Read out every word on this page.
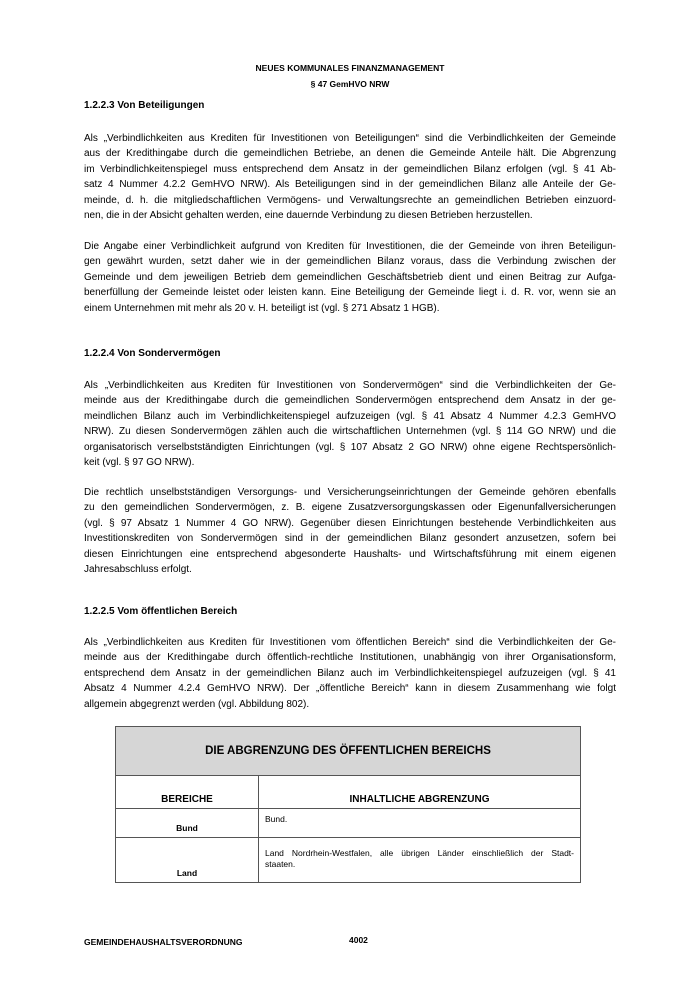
NEUES KOMMUNALES FINANZMANAGEMENT
§ 47 GemHVO NRW
1.2.2.3 Von Beteiligungen
Als „Verbindlichkeiten aus Krediten für Investitionen von Beteiligungen“ sind die Verbindlichkeiten der Gemeinde
aus der Kredithingabe durch die gemeindlichen Betriebe, an denen die Gemeinde Anteile hält. Die Abgrenzung
im Verbindlichkeitenspiegel muss entsprechend dem Ansatz in der gemeindlichen Bilanz erfolgen (vgl. § 41 Ab-
satz 4 Nummer 4.2.2 GemHVO NRW). Als Beteiligungen sind in der gemeindlichen Bilanz alle Anteile der Ge-
meinde, d. h. die mitgliedschaftlichen Vermögens- und Verwaltungsrechte an gemeindlichen Betrieben einzuord-
nen, die in der Absicht gehalten werden, eine dauernde Verbindung zu diesen Betrieben herzustellen.
Die Angabe einer Verbindlichkeit aufgrund von Krediten für Investitionen, die der Gemeinde von ihren Beteiligun-
gen gewährt wurden, setzt daher wie in der gemeindlichen Bilanz voraus, dass die Verbindung zwischen der
Gemeinde und dem jeweiligen Betrieb dem gemeindlichen Geschäftsbetrieb dient und einen Beitrag zur Aufga-
benerfüllung der Gemeinde leistet oder leisten kann. Eine Beteiligung der Gemeinde liegt i. d. R. vor, wenn sie an
einem Unternehmen mit mehr als 20 v. H. beteiligt ist (vgl. § 271 Absatz 1 HGB).
1.2.2.4 Von Sondervermögen
Als „Verbindlichkeiten aus Krediten für Investitionen von Sondervermögen“ sind die Verbindlichkeiten der Ge-
meinde aus der Kredithingabe durch die gemeindlichen Sondervermögen entsprechend dem Ansatz in der ge-
meindlichen Bilanz auch im Verbindlichkeitenspiegel aufzuzeigen (vgl. § 41 Absatz 4 Nummer 4.2.3 GemHVO
NRW). Zu diesen Sondervermögen zählen auch die wirtschaftlichen Unternehmen (vgl. § 114 GO NRW) und die
organisatorisch verselbstständigten Einrichtungen (vgl. § 107 Absatz 2 GO NRW) ohne eigene Rechtspersönlich-
keit (vgl. § 97 GO NRW).
Die rechtlich unselbstständigen Versorgungs- und Versicherungseinrichtungen der Gemeinde gehören ebenfalls
zu den gemeindlichen Sondervermögen, z. B. eigene Zusatzversorgungskassen oder Eigenunfallversicherungen
(vgl. § 97 Absatz 1 Nummer 4 GO NRW). Gegenüber diesen Einrichtungen bestehende Verbindlichkeiten aus
Investitionskrediten von Sondervermögen sind in der gemeindlichen Bilanz gesondert anzusetzen, sofern bei
diesen Einrichtungen eine entsprechend abgesonderte Haushalts- und Wirtschaftsführung mit einem eigenen
Jahresabschluss erfolgt.
1.2.2.5 Vom öffentlichen Bereich
Als „Verbindlichkeiten aus Krediten für Investitionen vom öffentlichen Bereich“ sind die Verbindlichkeiten der Ge-
meinde aus der Kredithingabe durch öffentlich-rechtliche Institutionen, unabhängig von ihrer Organisationsform,
entsprechend dem Ansatz in der gemeindlichen Bilanz auch im Verbindlichkeitenspiegel aufzuzeigen (vgl. § 41
Absatz 4 Nummer 4.2.4 GemHVO NRW). Der „öffentliche Bereich“ kann in diesem Zusammenhang wie folgt
allgemein abgegrenzt werden (vgl. Abbildung 802).
DIE ABGRENZUNG DES ÖFFENTLICHEN BEREICHS	
BEREICHE	INHALTLICHE ABGRENZUNG
Bund	Bund.

Land	Land Nordrhein-Westfalen, alle übrigen Länder einschließlich der Stadt-
staaten.
GEMEINDEHAUSHALTSVERORDNUNG	4002
